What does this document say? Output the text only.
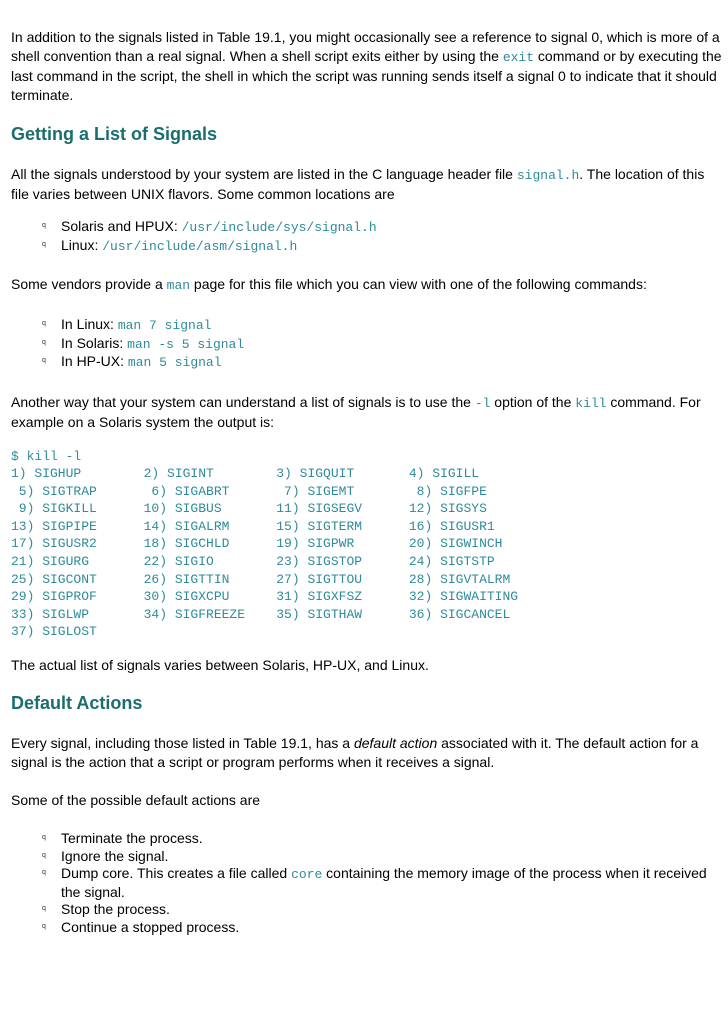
In addition to the signals listed in Table 19.1, you might occasionally see a reference to signal 0, which is more of a shell convention than a real signal. When a shell script exits either by using the exit command or by executing the last command in the script, the shell in which the script was running sends itself a signal 0 to indicate that it should terminate.

Getting a List of Signals

All the signals understood by your system are listed in the C language header file signal.h. The location of this file varies between UNIX flavors. Some common locations are

q Solaris and HPUX: /usr/include/sys/signal.h
q Linux: /usr/include/asm/signal.h

Some vendors provide a man page for this file which you can view with one of the following commands:

q In Linux: man 7 signal
q In Solaris: man -s 5 signal
q In HP-UX: man 5 signal

Another way that your system can understand a list of signals is to use the -l option of the kill command. For example on a Solaris system the output is:

$ kill -l
1) SIGHUP        2) SIGINT        3) SIGQUIT       4) SIGILL
5) SIGTRAP       6) SIGABRT       7) SIGEMT        8) SIGFPE
9) SIGKILL      10) SIGBUS       11) SIGSEGV      12) SIGSYS
13) SIGPIPE      14) SIGALRM      15) SIGTERM      16) SIGUSR1
17) SIGUSR2      18) SIGCHLD      19) SIGPWR       20) SIGWINCH
21) SIGURG       22) SIGIO        23) SIGSTOP      24) SIGTSTP
25) SIGCONT      26) SIGTTIN      27) SIGTTOU      28) SIGVTALRM
29) SIGPROF      30) SIGXCPU      31) SIGXFSZ      32) SIGWAITING
33) SIGLWP       34) SIGFREEZE    35) SIGTHAW      36) SIGCANCEL
37) SIGLOST

The actual list of signals varies between Solaris, HP-UX, and Linux.

Default Actions

Every signal, including those listed in Table 19.1, has a default action associated with it. The default action for a signal is the action that a script or program performs when it receives a signal.

Some of the possible default actions are

q Terminate the process.
q Ignore the signal.
q Dump core. This creates a file called core containing the memory image of the process when it received the signal.
q Stop the process.
q Continue a stopped process.
